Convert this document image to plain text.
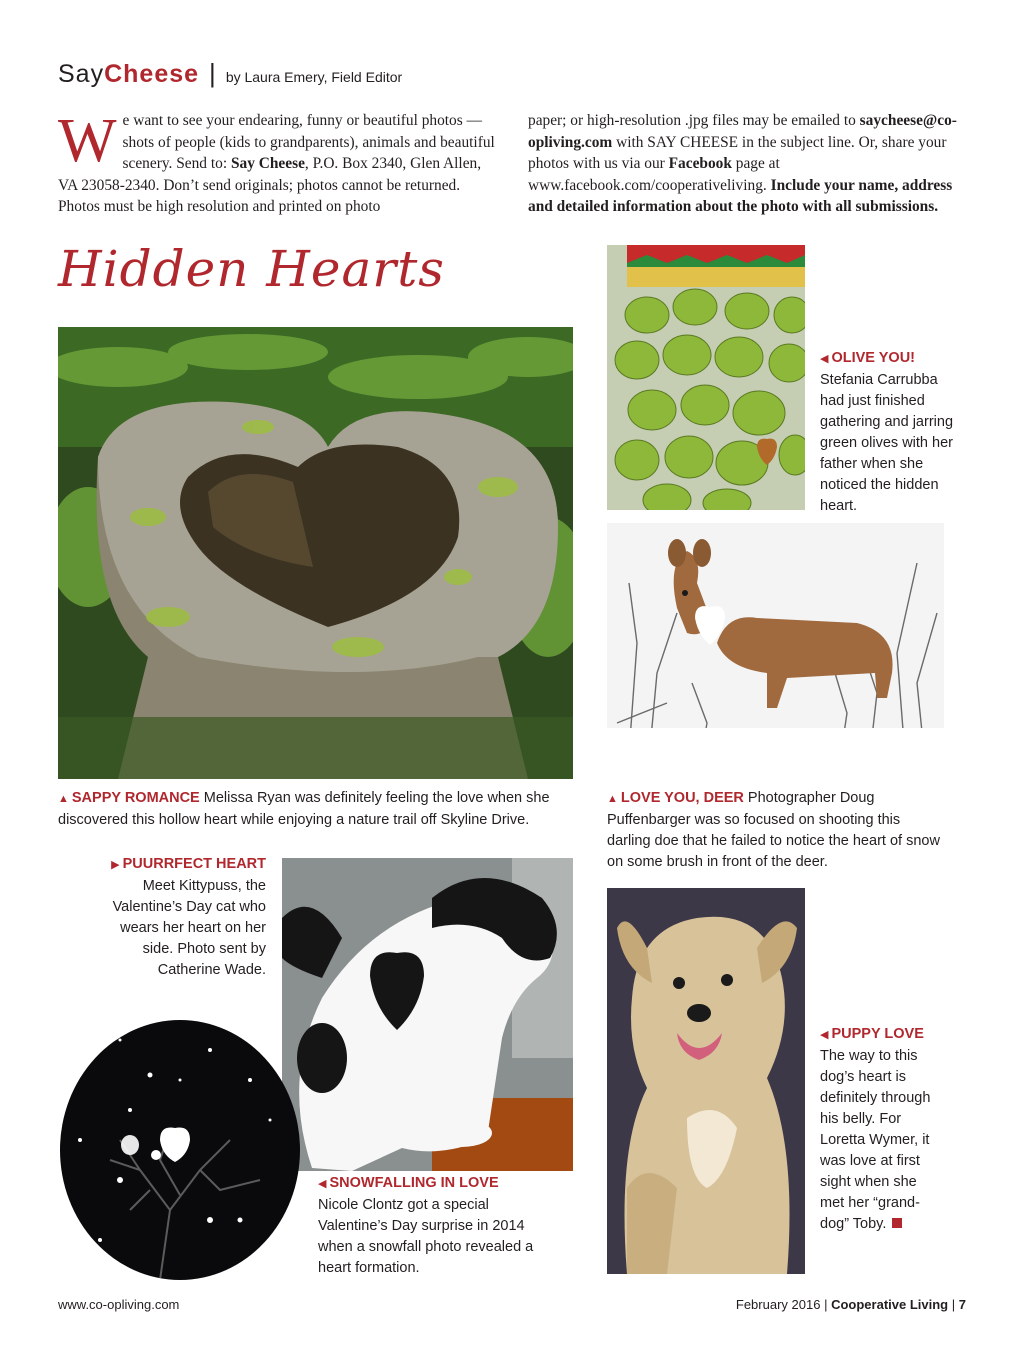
Say Cheese | by Laura Emery, Field Editor
We want to see your endearing, funny or beautiful photos — shots of people (kids to grandparents), animals and beautiful scenery. Send to: Say Cheese, P.O. Box 2340, Glen Allen, VA 23058-2340. Don’t send originals; photos cannot be returned. Photos must be high resolution and printed on photo
paper; or high-resolution .jpg files may be emailed to saycheese@co-opliving.com with SAY CHEESE in the subject line. Or, share your photos with us via our Facebook page at www.facebook.com/cooperativeliving. Include your name, address and detailed information about the photo with all submissions.
Hidden Hearts
▲ SAPPY ROMANCE Melissa Ryan was definitely feeling the love when she discovered this hollow heart while enjoying a nature trail off Skyline Drive.
◀ OLIVE YOU!
Stefania Carrubba had just finished gathering and jarring green olives with her father when she noticed the hidden heart.
▲ LOVE YOU, DEER Photographer Doug Puffenbarger was so focused on shooting this darling doe that he failed to notice the heart of snow on some brush in front of the deer.
▶ PUURRFECT HEART
Meet Kittypuss, the Valentine’s Day cat who wears her heart on her side. Photo sent by Catherine Wade.
◀ SNOWFALLING IN LOVE
Nicole Clontz got a special Valentine’s Day surprise in 2014 when a snowfall photo revealed a heart formation.
◀ PUPPY LOVE
The way to this dog’s heart is definitely through his belly. For Loretta Wymer, it was love at first sight when she met her “grand-dog” Toby.
www.co-opliving.com	February 2016 | Cooperative Living | 7
